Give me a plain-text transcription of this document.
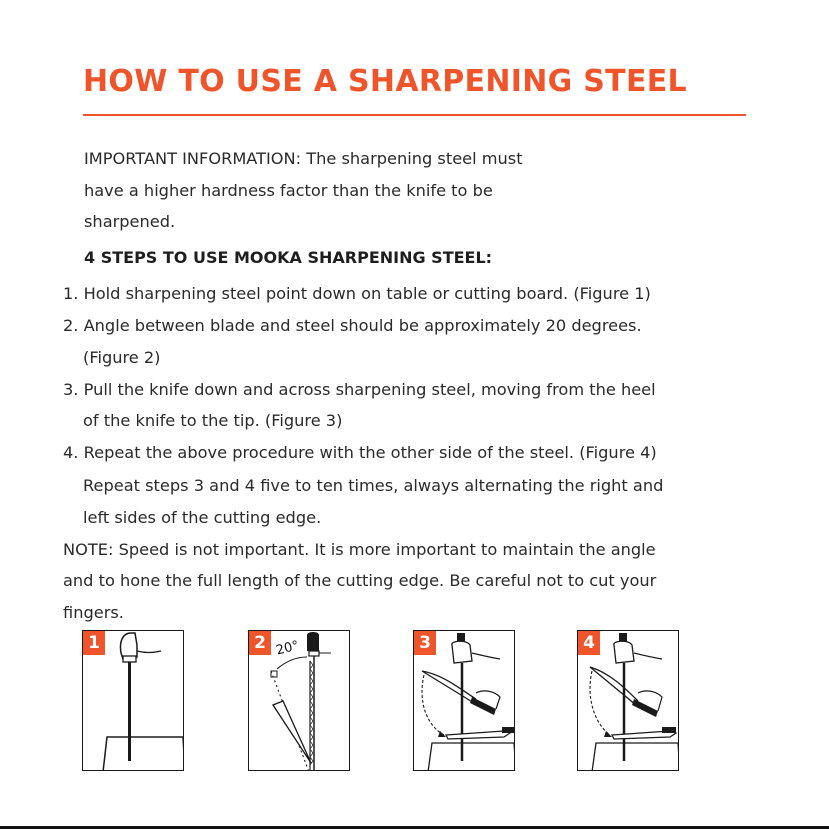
HOW TO USE A SHARPENING STEEL
IMPORTANT INFORMATION: The sharpening steel must
have a higher hardness factor than the knife to be
sharpened.
4 STEPS TO USE MOOKA SHARPENING STEEL:
1. Hold sharpening steel point down on table or cutting board. (Figure 1)
2. Angle between blade and steel should be approximately 20 degrees.
(Figure 2)
3. Pull the knife down and across sharpening steel, moving from the heel
of the knife to the tip. (Figure 3)
4. Repeat the above procedure with the other side of the steel. (Figure 4)
Repeat steps 3 and 4 five to ten times, always alternating the right and
left sides of the cutting edge.
NOTE: Speed is not important. It is more important to maintain the angle
and to hone the full length of the cutting edge. Be careful not to cut your
fingers.
1	2 20°	3	4
